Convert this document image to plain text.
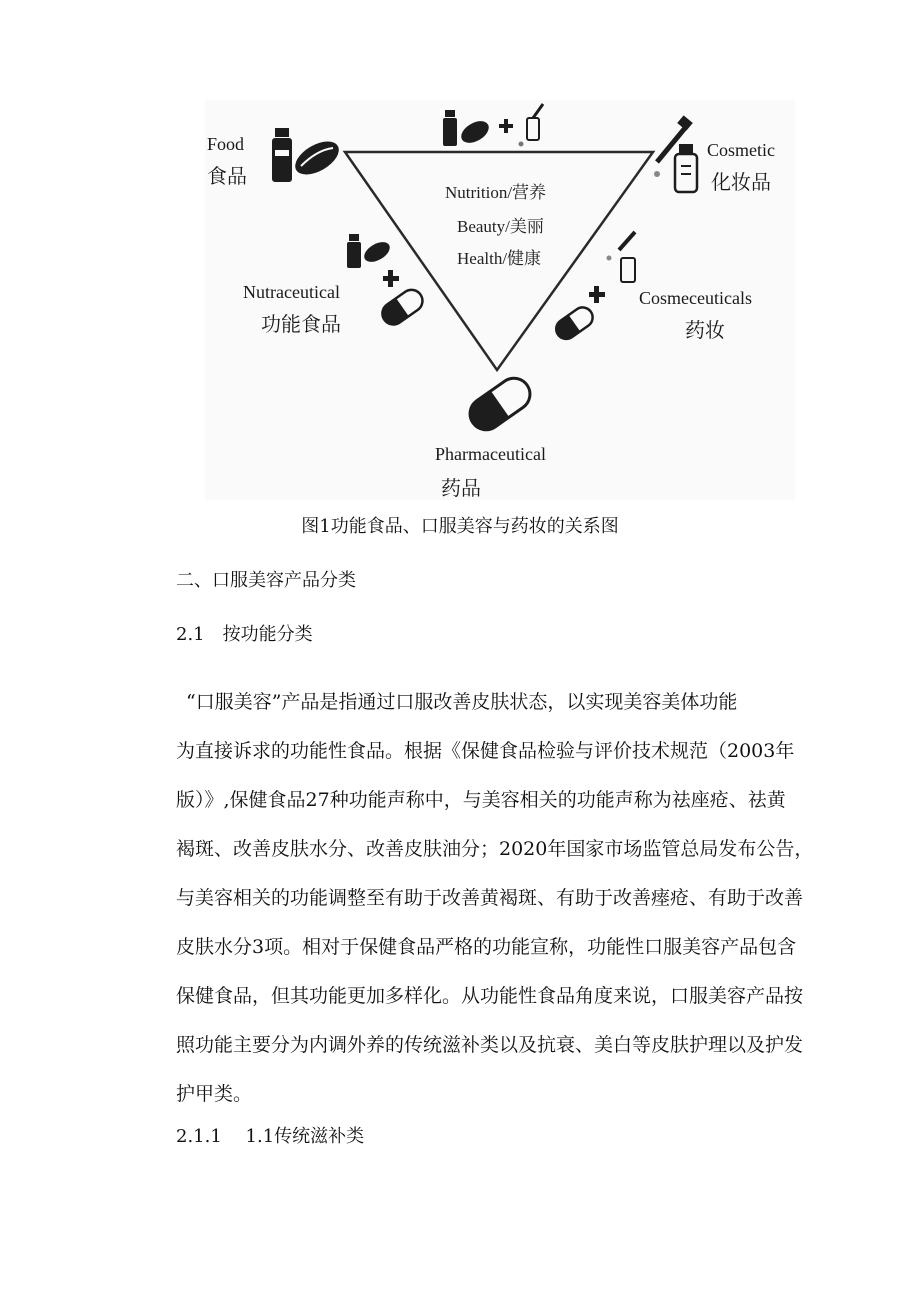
Food
食品
Cosmetic
化妆品
Nutraceutical
功能食品
Cosmeceuticals
药妆
Pharmaceutical
药品
Nutrition/营养
Beauty/美丽
Health/健康
图1功能食品、口服美容与药妆的关系图
二、口服美容产品分类
2.1　按功能分类
“口服美容”产品是指通过口服改善皮肤状态，以实现美容美体功能
为直接诉求的功能性食品。根据《保健食品检验与评价技术规范（2003年
版）》,保健食品27种功能声称中，与美容相关的功能声称为祛座疮、祛黄
褐斑、改善皮肤水分、改善皮肤油分；2020年国家市场监管总局发布公告，
与美容相关的功能调整至有助于改善黄褐斑、有助于改善瘗疮、有助于改善
皮肤水分3项。相对于保健食品严格的功能宣称，功能性口服美容产品包含
保健食品，但其功能更加多样化。从功能性食品角度来说，口服美容产品按
照功能主要分为内调外养的传统滋补类以及抗衰、美白等皮肤护理以及护发
护甲类。
2.1.1　 1.1传统滋补类
